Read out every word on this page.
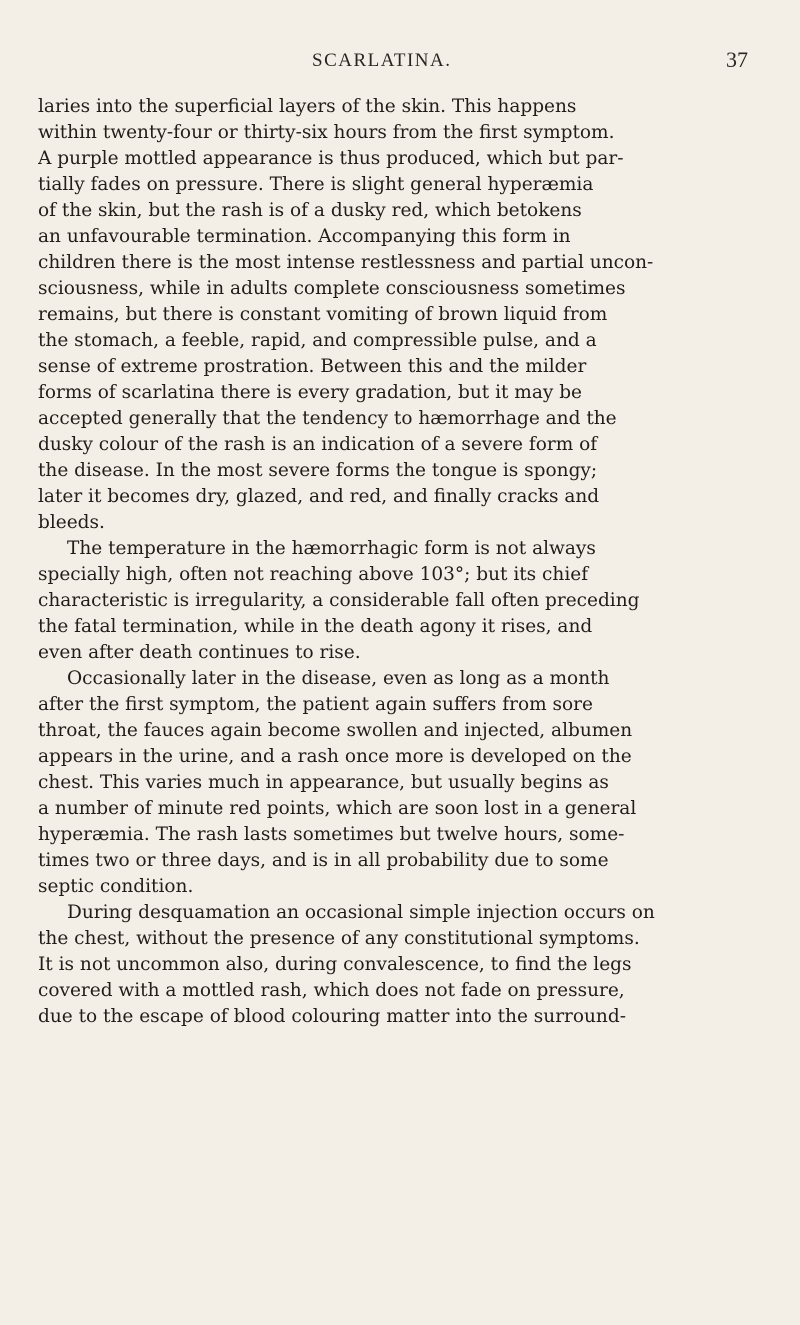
SCARLATINA.	37
laries into the superficial layers of the skin. This happens
within twenty-four or thirty-six hours from the first symptom.
A purple mottled appearance is thus produced, which but par-
tially fades on pressure. There is slight general hyperæmia
of the skin, but the rash is of a dusky red, which betokens
an unfavourable termination. Accompanying this form in
children there is the most intense restlessness and partial uncon-
sciousness, while in adults complete consciousness sometimes
remains, but there is constant vomiting of brown liquid from
the stomach, a feeble, rapid, and compressible pulse, and a
sense of extreme prostration. Between this and the milder
forms of scarlatina there is every gradation, but it may be
accepted generally that the tendency to hæmorrhage and the
dusky colour of the rash is an indication of a severe form of
the disease. In the most severe forms the tongue is spongy;
later it becomes dry, glazed, and red, and finally cracks and
bleeds.
The temperature in the hæmorrhagic form is not always
specially high, often not reaching above 103°; but its chief
characteristic is irregularity, a considerable fall often preceding
the fatal termination, while in the death agony it rises, and
even after death continues to rise.
Occasionally later in the disease, even as long as a month
after the first symptom, the patient again suffers from sore
throat, the fauces again become swollen and injected, albumen
appears in the urine, and a rash once more is developed on the
chest. This varies much in appearance, but usually begins as
a number of minute red points, which are soon lost in a general
hyperæmia. The rash lasts sometimes but twelve hours, some-
times two or three days, and is in all probability due to some
septic condition.
During desquamation an occasional simple injection occurs on
the chest, without the presence of any constitutional symptoms.
It is not uncommon also, during convalescence, to find the legs
covered with a mottled rash, which does not fade on pressure,
due to the escape of blood colouring matter into the surround-
